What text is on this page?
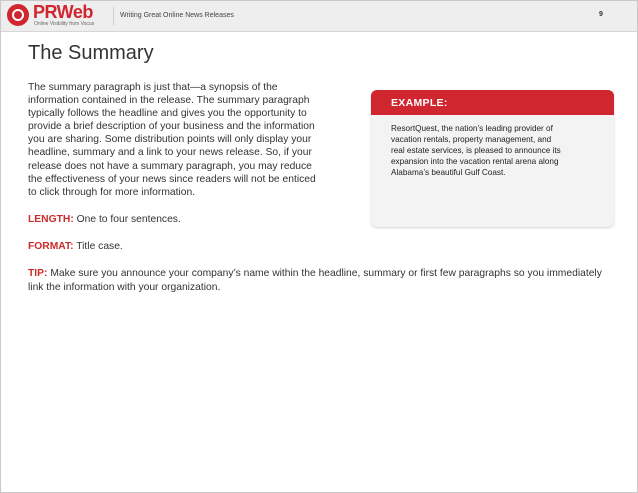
PRWeb
Online Visibility from Vocus
Writing Great Online News Releases	9
The Summary
The summary paragraph is just that—a synopsis of the
information contained in the release. The summary paragraph
typically follows the headline and gives you the opportunity to
provide a brief description of your business and the information
you are sharing. Some distribution points will only display your
headline, summary and a link to your news release. So, if your
release does not have a summary paragraph, you may reduce
the effectiveness of your news since readers will not be enticed
to click through for more information.
LENGTH: One to four sentences.
FORMAT: Title case.
TIP: Make sure you announce your company’s name within the headline, summary or first few paragraphs so you immediately link the information with your organization.
EXAMPLE:
ResortQuest, the nation’s leading provider of
vacation rentals, property management, and
real estate services, is pleased to announce its
expansion into the vacation rental arena along
Alabama’s beautiful Gulf Coast.
